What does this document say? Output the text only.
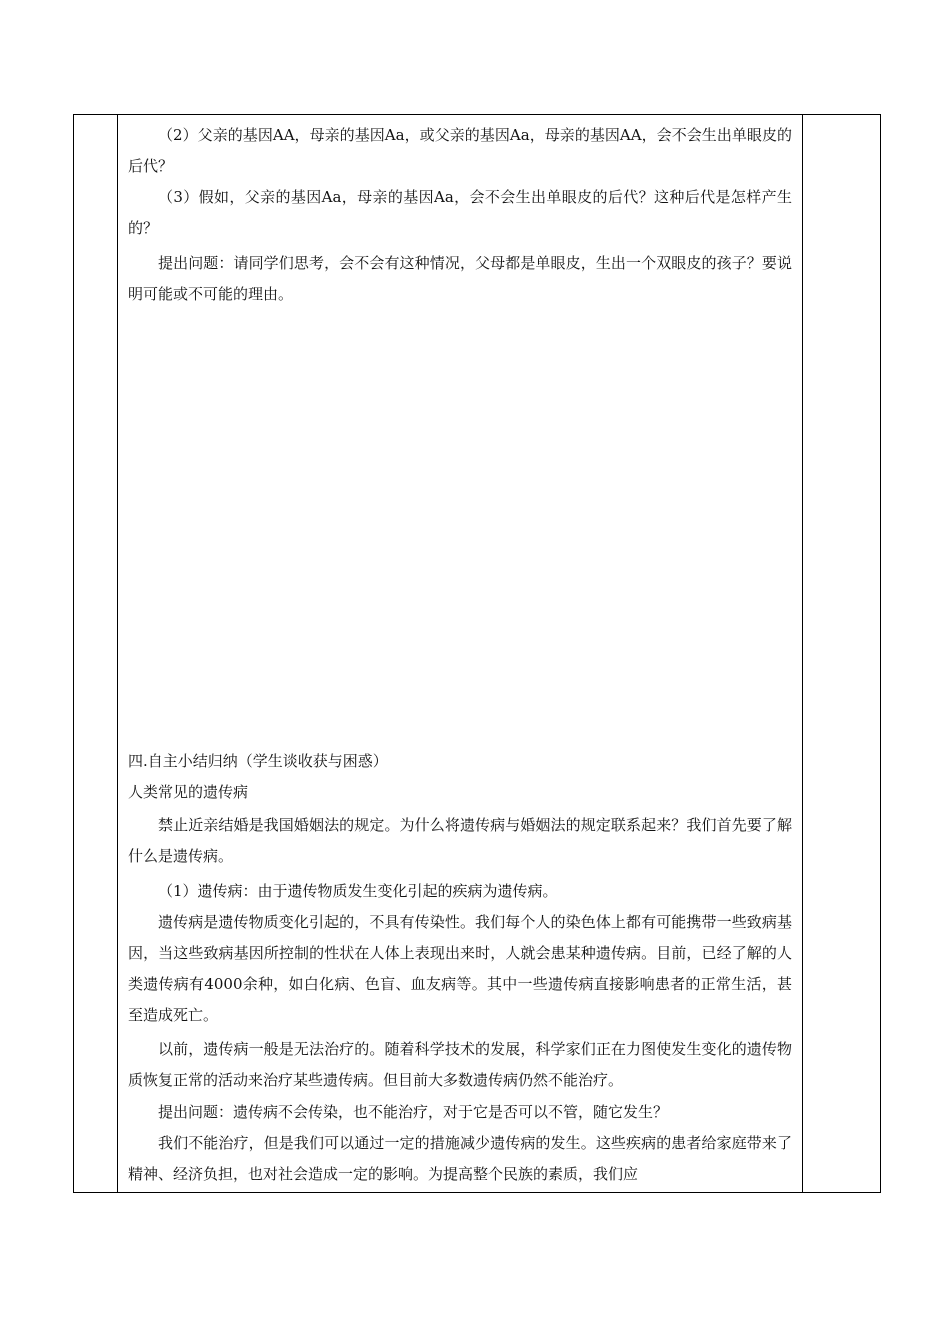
（2）父亲的基因AA，母亲的基因Aa，或父亲的基因Aa，母亲的基因AA，会不会生出单眼皮的后代？

（3）假如，父亲的基因Aa，母亲的基因Aa，会不会生出单眼皮的后代？这种后代是怎样产生的？

提出问题：请同学们思考，会不会有这种情况，父母都是单眼皮，生出一个双眼皮的孩子？要说明可能或不可能的理由。

四.自主小结归纳（学生谈收获与困惑）

人类常见的遗传病

禁止近亲结婚是我国婚姻法的规定。为什么将遗传病与婚姻法的规定联系起来？我们首先要了解什么是遗传病。

（1）遗传病：由于遗传物质发生变化引起的疾病为遗传病。

遗传病是遗传物质变化引起的，不具有传染性。我们每个人的染色体上都有可能携带一些致病基因，当这些致病基因所控制的性状在人体上表现出来时，人就会患某种遗传病。目前，已经了解的人类遗传病有4000余种，如白化病、色盲、血友病等。其中一些遗传病直接影响患者的正常生活，甚至造成死亡。

以前，遗传病一般是无法治疗的。随着科学技术的发展，科学家们正在力图使发生变化的遗传物质恢复正常的活动来治疗某些遗传病。但目前大多数遗传病仍然不能治疗。

提出问题：遗传病不会传染，也不能治疗，对于它是否可以不管，随它发生？

我们不能治疗，但是我们可以通过一定的措施减少遗传病的发生。这些疾病的患者给家庭带来了精神、经济负担，也对社会造成一定的影响。为提高整个民族的素质，我们应
